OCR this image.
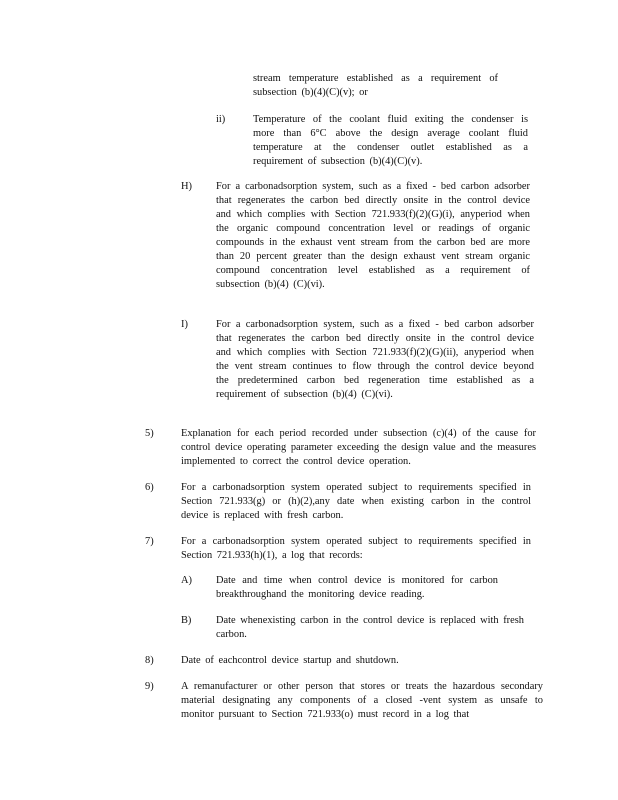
stream temperature established as a requirement of subsection (b)(4)(C)(v); or
ii)	Temperature of the coolant fluid exiting the condenser is more than 6°C above the design average coolant fluid temperature at the condenser outlet established as a requirement of subsection (b)(4)(C)(v).
H) For a carbonadsorption system, such as a fixed - bed carbon adsorber that regenerates the carbon bed directly onsite in the control device and which complies with Section 721.933(f)(2)(G)(i), anyperiod when the organic compound concentration level or readings of organic compounds in the exhaust vent stream from the carbon bed are more than 20 percent greater than the design exhaust vent stream organic compound concentration level established as a requirement of subsection (b)(4) (C)(vi).
I)	For a carbonadsorption system, such as a fixed - bed carbon adsorber that regenerates the carbon bed directly onsite in the control device and which complies with Section 721.933(f)(2)(G)(ii), anyperiod when the vent stream continues to flow through the control device beyond the predetermined carbon bed regeneration time established as a requirement of subsection (b)(4) (C)(vi).
5)	Explanation for each period recorded under subsection (c)(4) of the cause for control device operating parameter exceeding the design value and the measures implemented to correct the control device operation.
6)	For a carbonadsorption system operated subject to requirements specified in Section 721.933(g) or (h)(2),any date when existing carbon in the control device is replaced with fresh carbon.
7)	For a carbonadsorption system operated subject to requirements specified in Section 721.933(h)(1), a log that records:
A) Date and time when control device is monitored for carbon breakthroughand the monitoring device reading.
B) Date whenexisting carbon in the control device is replaced with fresh carbon.
8)	Date of eachcontrol device startup and shutdown.
9)	A remanufacturer or other person that stores or treats the hazardous secondary material designating any components of a closed -vent system as unsafe to monitor pursuant to Section 721.933(o) must record in a log that
